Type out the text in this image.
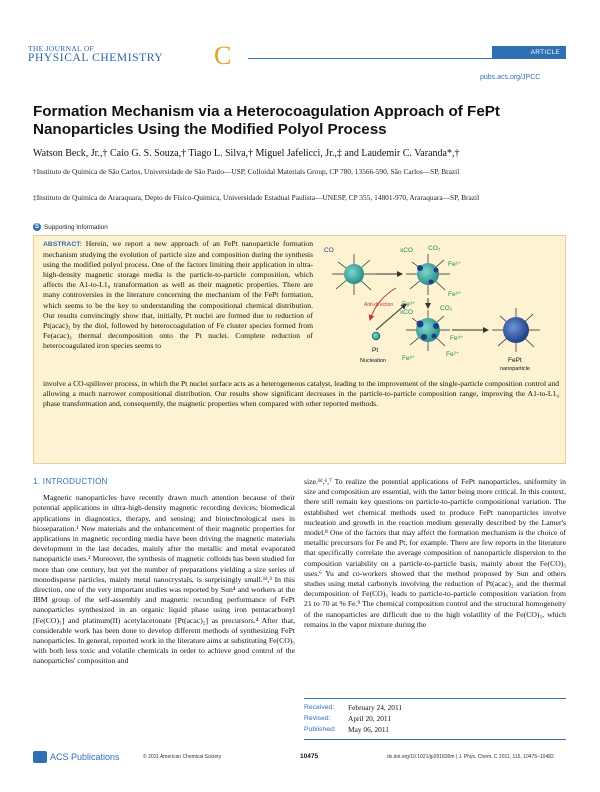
THE JOURNAL OF
PHYSICAL CHEMISTRY	C	ARTICLE
pubs.acs.org/JPCC
Formation Mechanism via a Heterocoagulation Approach of FePt Nanoparticles Using the Modified Polyol Process
Watson Beck, Jr.,† Caio G. S. Souza,† Tiago L. Silva,† Miguel Jafelicci, Jr.,‡ and Laudemir C. Varanda*,†
†Instituto de Química de São Carlos, Universidade de São Paulo—USP, Colloidal Materials Group, CP 780, 13566-590, São Carlos—SP, Brazil
‡Instituto de Química de Araraquara, Depto de Físico-Química, Universidade Estadual Paulista—UNESP, CP 355, 14801-970, Araraquara—SP, Brazil
S Supporting Information
ABSTRACT: Herein, we report a new approach of an FePt nanoparticle formation mechanism studying the evolution of particle size and composition during the synthesis using the modified polyol process. One of the factors limiting their application in ultra-high-density magnetic storage media is the particle-to-particle composition, which affects the A1-to-L1₀ transformation as well as their magnetic properties. There are many controversies in the literature concerning the mechanism of the FePt formation, which seems to be the key to understanding the compositional chemical distribution. Our results convincingly show that, initially, Pt nuclei are formed due to reduction of Pt(acac)₂ by the diol, followed by heterocoagulation of Fe cluster species formed from Fe(acac)₃ thermal decomposition onto the Pt nuclei. Complete reduction of heterocoagulated iron species seems to
involve a CO-spillover process, in which the Pt nuclei surface acts as a heterogeneous catalyst, leading to the improvement of the single-particle composition control and allowing a much narrower compositional distribution. Our results show significant decreases in the particle-to-particle composition range, improving the A1-to-L1₀ phase transformation and, consequently, the magnetic properties when compared with other reported methods.
CO	xCO CO₂
Fe²⁺
Fe³⁺
Fe³⁺
Fe²⁺
xCO
CO₂
Fe³⁺
Fe³⁺
Pt
Nucleation	FePt
nanoparticle
Anti-direction
1. INTRODUCTION
Magnetic nanoparticles have recently drawn much attention because of their potential applications in ultra-high-density magnetic recording devices; biomedical applications in diagnostics, therapy, and sensing; and biotechnological uses in bioseparation.¹ New materials and the enhancement of their magnetic properties for applications in magnetic recording media have been driving the magnetic materials development in the last decades, mainly after the metallic and metal evaporated nanoparticle uses.² Moreover, the synthesis of magnetic colloids has been studied for more than one century, but yet the number of preparations yielding a size series of monodisperse particles, mainly metal nanocrystals, is surprisingly small.¹ᵈ,³ In this direction, one of the very important studies was reported by Sun⁴ and workers at the IBM group of the self-assembly and magnetic recording performance of FePt nanoparticles synthesized in an organic liquid phase using iron pentacarbonyl [Fe(CO)₅] and platinum(II) acetylacetonate [Pt(acac)₂] as precursors.⁴ After that, considerable work has been done to develop different methods of synthesizing FePt nanoparticles. In general, reported work in the literature aims at substituting Fe(CO)₅ with both less toxic and volatile chemicals in order to achieve good control of the nanoparticles' composition and
size.¹ᵈ,⁶,⁷ To realize the potential applications of FePt nanoparticles, uniformity in size and composition are essential, with the latter being more critical. In this context, there still remain key questions on particle-to-particle compositional variation. The established wet chemical methods used to produce FePt nanoparticles involve nucleation and growth in the reaction medium generally described by the Lamer's model.⁸ One of the factors that may affect the formation mechanism is the choice of metallic precursors for Fe and Pt, for example. There are few reports in the literature that specifically correlate the average composition of nanoparticle dispersion to the composition variability on a particle-to-particle basis, mainly about the Fe(CO)₅ uses.⁶ Yu and co-workers showed that the method proposed by Sun and others studies using metal carbonyls involving the reduction of Pt(acac)₂ and the thermal decomposition of Fe(CO)₅ leads to particle-to-particle composition variation from 21 to 70 at % Fe.⁹ The chemical composition control and the structural homogeneity of the nanoparticles are difficult due to the high volatility of the Fe(CO)₅, which remains in the vapor mixture during the
Received:	February 24, 2011
Revised:	April 20, 2011
Published:	May 06, 2011
ACS Publications	© 2011 American Chemical Society	10475	dx.doi.org/10.1021/jp201830m | J. Phys. Chem. C 2011, 115, 10475–10482
